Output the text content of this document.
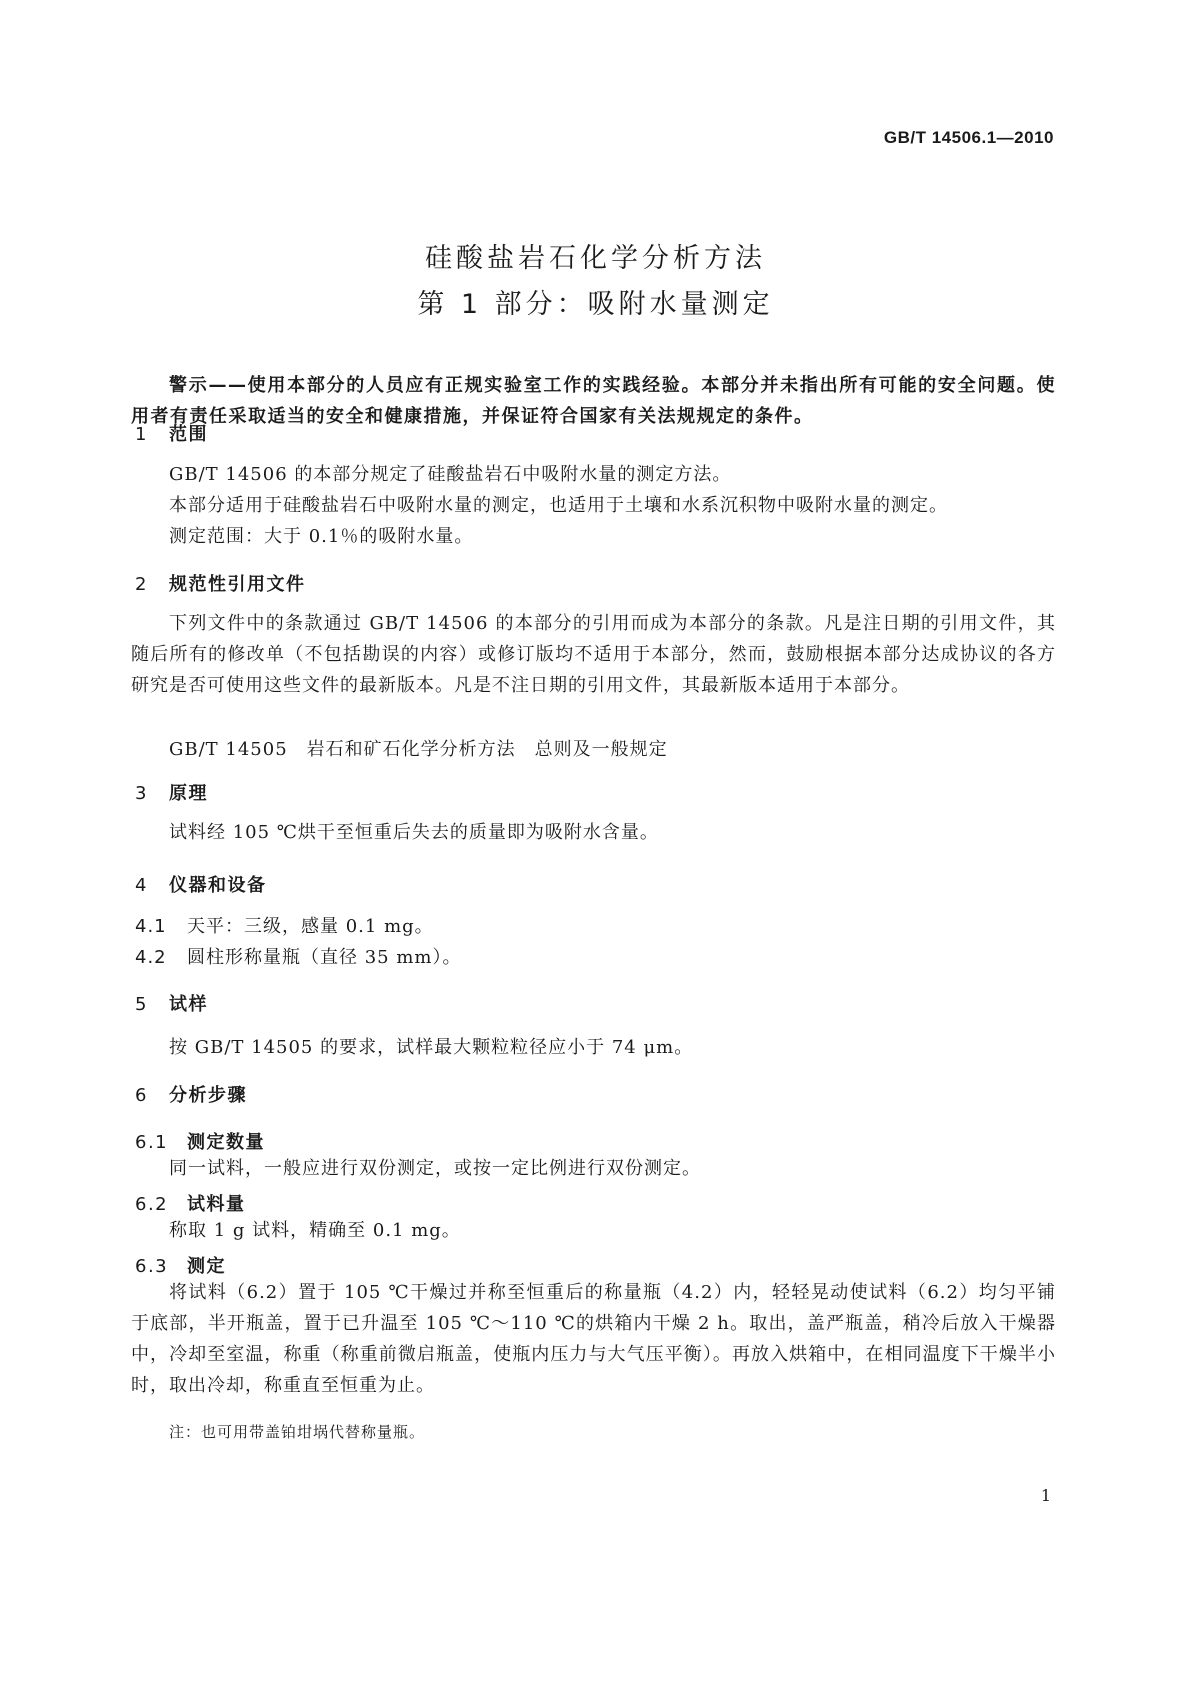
GB/T 14506.1—2010
硅酸盐岩石化学分析方法
第 1 部分：吸附水量测定
警示——使用本部分的人员应有正规实验室工作的实践经验。本部分并未指出所有可能的安全问题。使用者有责任采取适当的安全和健康措施，并保证符合国家有关法规规定的条件。
1 范围
GB/T 14506 的本部分规定了硅酸盐岩石中吸附水量的测定方法。
本部分适用于硅酸盐岩石中吸附水量的测定，也适用于土壤和水系沉积物中吸附水量的测定。
测定范围：大于 0.1％的吸附水量。
2 规范性引用文件
下列文件中的条款通过 GB/T 14506 的本部分的引用而成为本部分的条款。凡是注日期的引用文件，其随后所有的修改单（不包括勘误的内容）或修订版均不适用于本部分，然而，鼓励根据本部分达成协议的各方研究是否可使用这些文件的最新版本。凡是不注日期的引用文件，其最新版本适用于本部分。
GB/T 14505　岩石和矿石化学分析方法　总则及一般规定
3 原理
试料经 105 ℃烘干至恒重后失去的质量即为吸附水含量。
4 仪器和设备
4.1 天平：三级，感量 0.1 mg。
4.2 圆柱形称量瓶（直径 35 mm）。
5 试样
按 GB/T 14505 的要求，试样最大颗粒粒径应小于 74 μm。
6 分析步骤
6.1 测定数量
同一试料，一般应进行双份测定，或按一定比例进行双份测定。
6.2 试料量
称取 1 g 试料，精确至 0.1 mg。
6.3 测定
将试料（6.2）置于 105 ℃干燥过并称至恒重后的称量瓶（4.2）内，轻轻晃动使试料（6.2）均匀平铺于底部，半开瓶盖，置于已升温至 105 ℃～110 ℃的烘箱内干燥 2 h。取出，盖严瓶盖，稍冷后放入干燥器中，冷却至室温，称重（称重前微启瓶盖，使瓶内压力与大气压平衡）。再放入烘箱中，在相同温度下干燥半小时，取出冷却，称重直至恒重为止。
注：也可用带盖铂坩埚代替称量瓶。
1
